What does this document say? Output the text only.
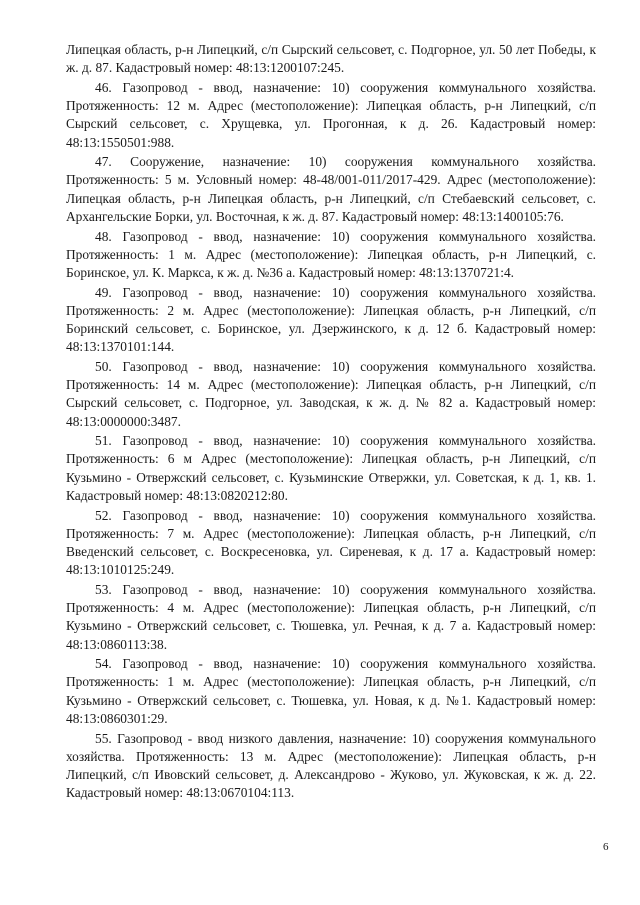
Липецкая область, р-н Липецкий, с/п Сырский сельсовет, с. Подгорное, ул. 50 лет Победы, к ж. д. 87. Кадастровый номер: 48:13:1200107:245.

46. Газопровод - ввод, назначение: 10) сооружения коммунального хозяйства. Протяженность: 12 м. Адрес (местоположение): Липецкая область, р-н Липецкий, с/п Сырский сельсовет, с. Хрущевка, ул. Прогонная, к д. 26. Кадастровый номер: 48:13:1550501:988.

47. Сооружение, назначение: 10) сооружения коммунального хозяйства. Протяженность: 5 м. Условный номер: 48-48/001-011/2017-429. Адрес (местоположение): Липецкая область, р-н Липецкая область, р-н Липецкий, с/п Стебаевский сельсовет, с. Архангельские Борки, ул. Восточная, к ж. д. 87. Кадастровый номер: 48:13:1400105:76.

48. Газопровод - ввод, назначение: 10) сооружения коммунального хозяйства. Протяженность: 1 м. Адрес (местоположение): Липецкая область, р-н Липецкий, с. Боринское, ул. К. Маркса, к ж. д. №36 а. Кадастровый номер: 48:13:1370721:4.

49. Газопровод - ввод, назначение: 10) сооружения коммунального хозяйства. Протяженность: 2 м. Адрес (местоположение): Липецкая область, р-н Липецкий, с/п Боринский сельсовет, с. Боринское, ул. Дзержинского, к д. 12 б. Кадастровый номер: 48:13:1370101:144.

50. Газопровод - ввод, назначение: 10) сооружения коммунального хозяйства. Протяженность: 14 м. Адрес (местоположение): Липецкая область, р-н Липецкий, с/п Сырский сельсовет, с. Подгорное, ул. Заводская, к ж. д. № 82 а. Кадастровый номер: 48:13:0000000:3487.

51. Газопровод - ввод, назначение: 10) сооружения коммунального хозяйства. Протяженность: 6 м Адрес (местоположение): Липецкая область, р-н Липецкий, с/п Кузьмино - Отвержский сельсовет, с. Кузьминские Отвержки, ул. Советская, к д. 1, кв. 1. Кадастровый номер: 48:13:0820212:80.

52. Газопровод - ввод, назначение: 10) сооружения коммунального хозяйства. Протяженность: 7 м. Адрес (местоположение): Липецкая область, р-н Липецкий, с/п Введенский сельсовет, с. Воскресеновка, ул. Сиреневая, к д. 17 а. Кадастровый номер: 48:13:1010125:249.

53. Газопровод - ввод, назначение: 10) сооружения коммунального хозяйства. Протяженность: 4 м. Адрес (местоположение): Липецкая область, р-н Липецкий, с/п Кузьмино - Отвержский сельсовет, с. Тюшевка, ул. Речная, к д. 7 а. Кадастровый номер: 48:13:0860113:38.

54. Газопровод - ввод, назначение: 10) сооружения коммунального хозяйства. Протяженность: 1 м. Адрес (местоположение): Липецкая область, р-н Липецкий, с/п Кузьмино - Отвержский сельсовет, с. Тюшевка, ул. Новая, к д. №1. Кадастровый номер: 48:13:0860301:29.

55. Газопровод - ввод низкого давления, назначение: 10) сооружения коммунального хозяйства. Протяженность: 13 м. Адрес (местоположение): Липецкая область, р-н Липецкий, с/п Ивовский сельсовет, д. Александрово - Жуково, ул. Жуковская, к ж. д. 22. Кадастровый номер: 48:13:0670104:113.

6
